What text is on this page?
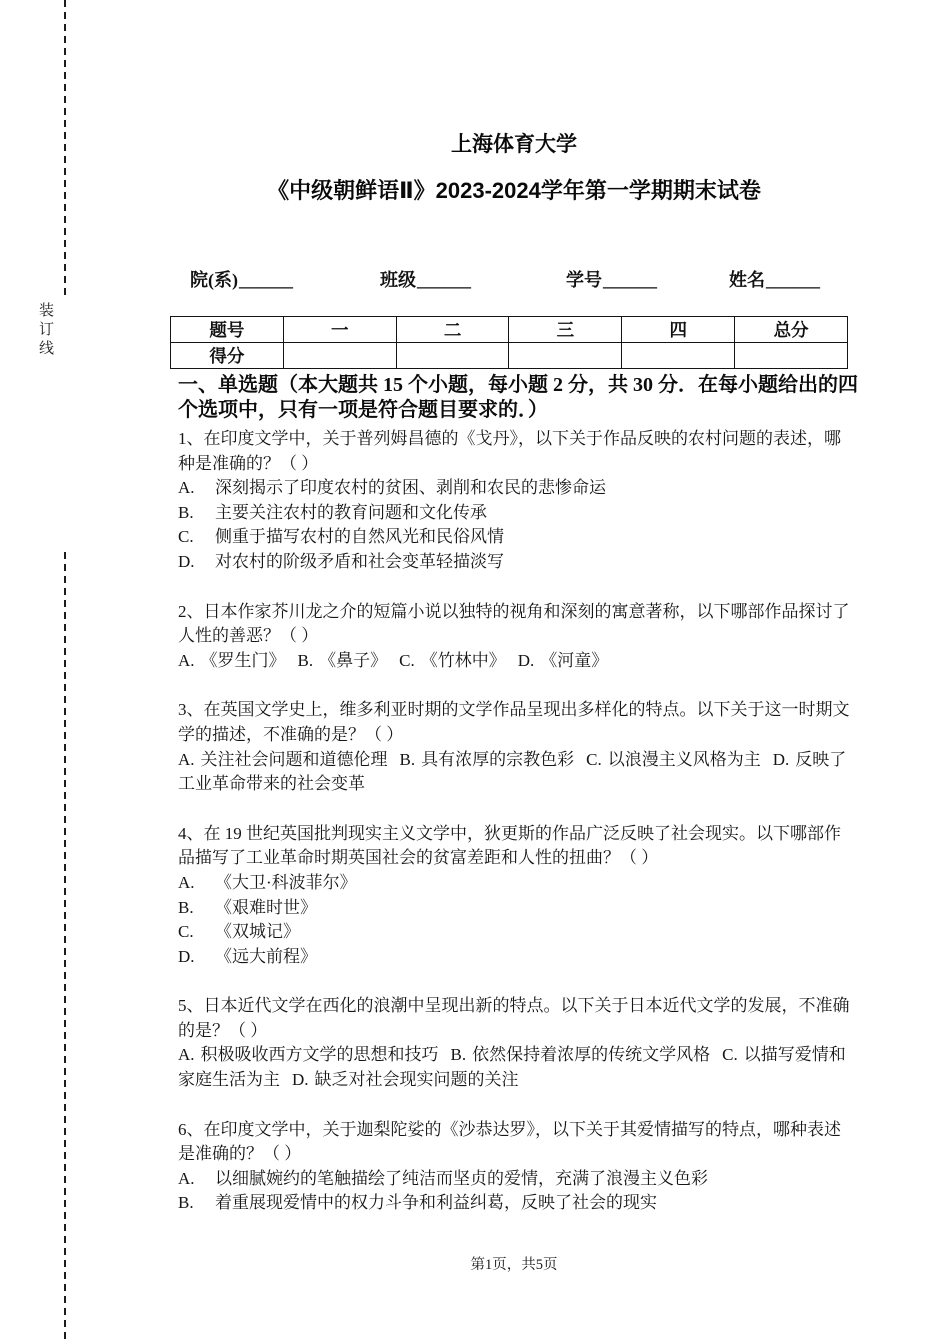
装订线
上海体育大学
《中级朝鲜语Ⅱ》2023-2024学年第一学期期末试卷
院(系)______	班级______	学号______	姓名______
题号	一	二	三	四	总分
得分					
一、单选题（本大题共 15 个小题，每小题 2 分，共 30 分．在每小题给出的四个选项中，只有一项是符合题目要求的．）
1、在印度文学中，关于普列姆昌德的《戈丹》，以下关于作品反映的农村问题的表述，哪种是准确的？（ ）
A. 深刻揭示了印度农村的贫困、剥削和农民的悲惨命运
B. 主要关注农村的教育问题和文化传承
C. 侧重于描写农村的自然风光和民俗风情
D. 对农村的阶级矛盾和社会变革轻描淡写
2、日本作家芥川龙之介的短篇小说以独特的视角和深刻的寓意著称，以下哪部作品探讨了人性的善恶？（ ）
A. 《罗生门》 B. 《鼻子》 C. 《竹林中》 D. 《河童》
3、在英国文学史上，维多利亚时期的文学作品呈现出多样化的特点。以下关于这一时期文学的描述，不准确的是？（ ）
A. 关注社会问题和道德伦理 B. 具有浓厚的宗教色彩 C. 以浪漫主义风格为主 D. 反映了工业革命带来的社会变革
4、在 19 世纪英国批判现实主义文学中，狄更斯的作品广泛反映了社会现实。以下哪部作品描写了工业革命时期英国社会的贫富差距和人性的扭曲？（ ）
A. 《大卫·科波菲尔》
B. 《艰难时世》
C. 《双城记》
D. 《远大前程》
5、日本近代文学在西化的浪潮中呈现出新的特点。以下关于日本近代文学的发展，不准确的是？（ ）
A. 积极吸收西方文学的思想和技巧 B. 依然保持着浓厚的传统文学风格 C. 以描写爱情和家庭生活为主 D. 缺乏对社会现实问题的关注
6、在印度文学中，关于迦梨陀娑的《沙恭达罗》，以下关于其爱情描写的特点，哪种表述是准确的？（ ）
A. 以细腻婉约的笔触描绘了纯洁而坚贞的爱情，充满了浪漫主义色彩
B. 着重展现爱情中的权力斗争和利益纠葛，反映了社会的现实
第1页，共5页
